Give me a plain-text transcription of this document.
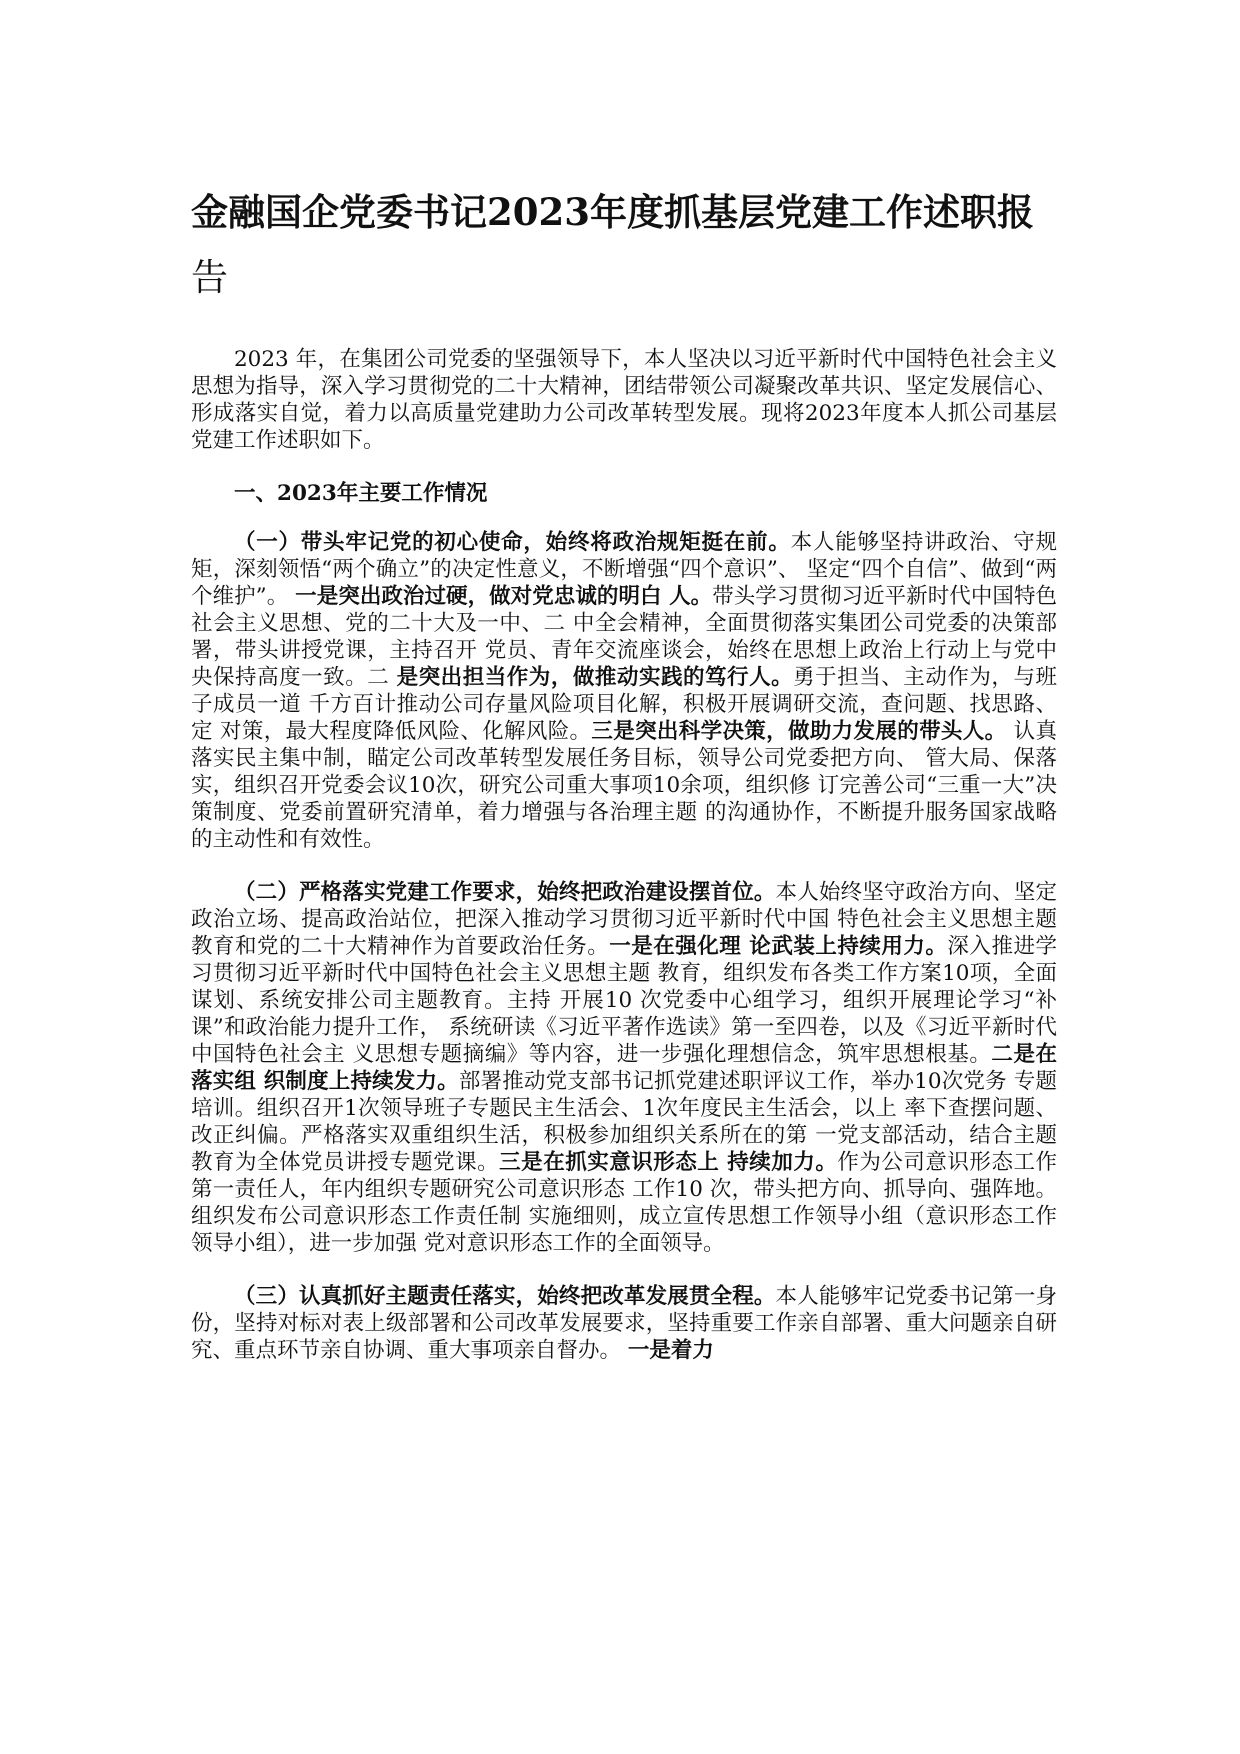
金融国企党委书记2023年度抓基层党建工作述职报
告

2023 年，在集团公司党委的坚强领导下，本人坚决以习近平新时代中国特色社会主义思想为指导，深入学习贯彻党的二十大精神，团结带领公司凝聚改革共识、坚定发展信心、形成落实自觉，着力以高质量党建助力公司改革转型发展。现将2023年度本人抓公司基层党建工作述职如下。

一、2023年主要工作情况

（一）带头牢记党的初心使命，始终将政治规矩挺在前。本人能够坚持讲政治、守规矩，深刻领悟“两个确立”的决定性意义，不断增强“四个意识”、 坚定“四个自信”、做到“两个维护”。 一是突出政治过硬，做对党忠诚的明白 人。带头学习贯彻习近平新时代中国特色社会主义思想、党的二十大及一中、二 中全会精神，全面贯彻落实集团公司党委的决策部署，带头讲授党课，主持召开 党员、青年交流座谈会，始终在思想上政治上行动上与党中央保持高度一致。二 是突出担当作为，做推动实践的笃行人。勇于担当、主动作为，与班子成员一道 千方百计推动公司存量风险项目化解，积极开展调研交流，查问题、找思路、定 对策，最大程度降低风险、化解风险。三是突出科学决策，做助力发展的带头人。 认真落实民主集中制，瞄定公司改革转型发展任务目标，领导公司党委把方向、 管大局、保落实，组织召开党委会议10次，研究公司重大事项10余项，组织修 订完善公司“三重一大”决策制度、党委前置研究清单，着力增强与各治理主题 的沟通协作，不断提升服务国家战略的主动性和有效性。

（二）严格落实党建工作要求，始终把政治建设摆首位。本人始终坚守政治方向、坚定政治立场、提高政治站位，把深入推动学习贯彻习近平新时代中国 特色社会主义思想主题教育和党的二十大精神作为首要政治任务。一是在强化理 论武装上持续用力。深入推进学习贯彻习近平新时代中国特色社会主义思想主题 教育，组织发布各类工作方案10项，全面谋划、系统安排公司主题教育。主持 开展10 次党委中心组学习，组织开展理论学习“补课”和政治能力提升工作， 系统研读《习近平著作选读》第一至四卷，以及《习近平新时代中国特色社会主 义思想专题摘编》等内容，进一步强化理想信念，筑牢思想根基。二是在落实组 织制度上持续发力。部署推动党支部书记抓党建述职评议工作，举办10次党务 专题培训。组织召开1次领导班子专题民主生活会、1次年度民主生活会，以上 率下查摆问题、改正纠偏。严格落实双重组织生活，积极参加组织关系所在的第 一党支部活动，结合主题教育为全体党员讲授专题党课。三是在抓实意识形态上 持续加力。作为公司意识形态工作第一责任人，年内组织专题研究公司意识形态 工作10 次，带头把方向、抓导向、强阵地。组织发布公司意识形态工作责任制 实施细则，成立宣传思想工作领导小组（意识形态工作领导小组），进一步加强 党对意识形态工作的全面领导。

（三）认真抓好主题责任落实，始终把改革发展贯全程。本人能够牢记党委书记第一身份，坚持对标对表上级部署和公司改革发展要求，坚持重要工作亲自部署、重大问题亲自研究、重点环节亲自协调、重大事项亲自督办。 一是着力
